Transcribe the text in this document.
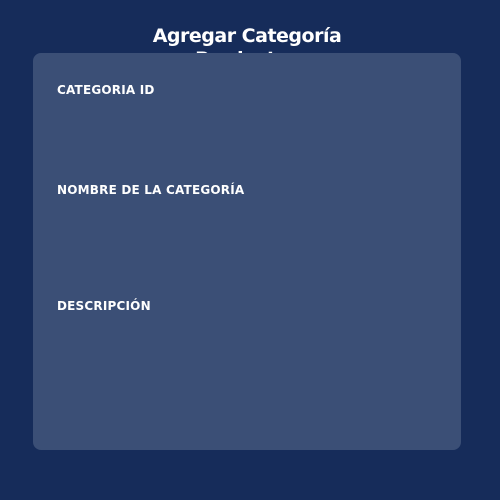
Agregar Categoría
CATEGORIA ID
NOMBRE DE LA CATEGORÍA
DESCRIPCIÓN
